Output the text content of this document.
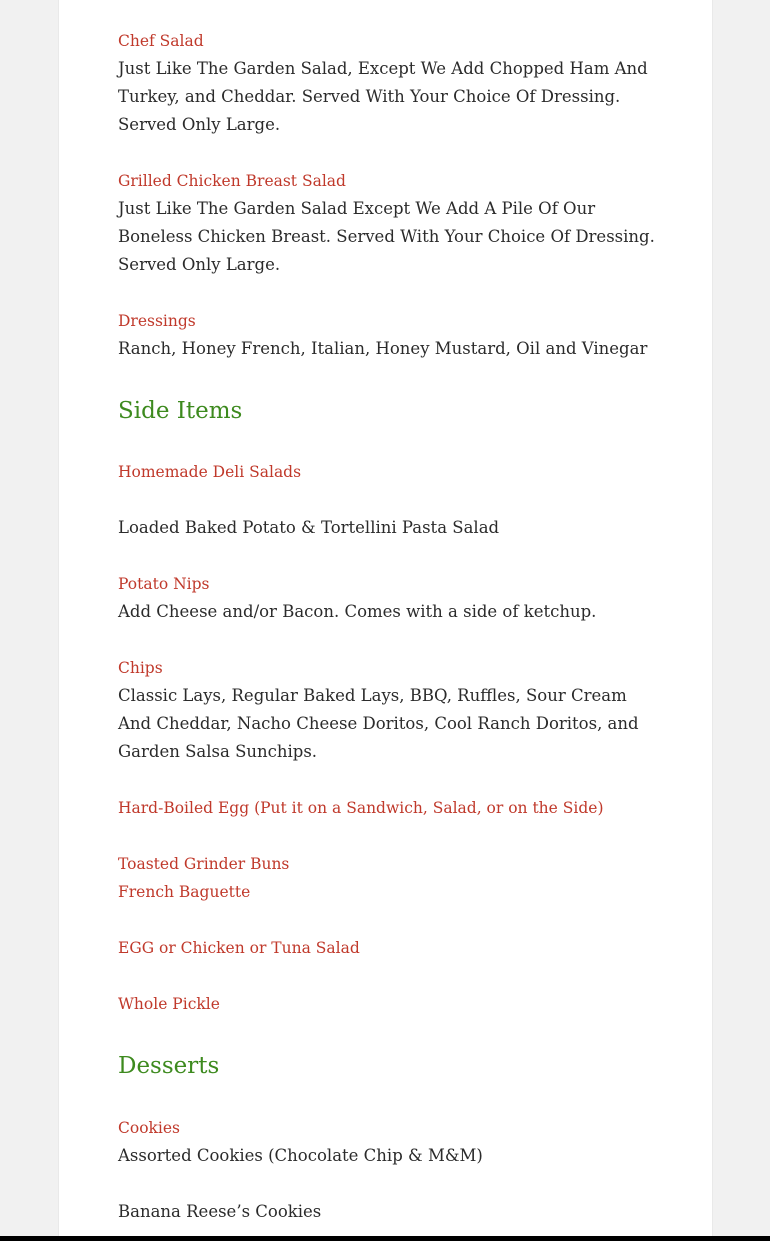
Chef Salad

Just Like The Garden Salad, Except We Add Chopped Ham And Turkey, and Cheddar. Served With Your Choice Of Dressing. Served Only Large.

Grilled Chicken Breast Salad

Just Like The Garden Salad Except We Add A Pile Of Our Boneless Chicken Breast. Served With Your Choice Of Dressing. Served Only Large.

Dressings

Ranch, Honey French, Italian, Honey Mustard, Oil and Vinegar

Side Items

Homemade Deli Salads

Loaded Baked Potato & Tortellini Pasta Salad

Potato Nips

Add Cheese and/or Bacon. Comes with a side of ketchup.

Chips

Classic Lays, Regular Baked Lays, BBQ, Ruffles, Sour Cream And Cheddar, Nacho Cheese Doritos, Cool Ranch Doritos, and Garden Salsa Sunchips.

Hard-Boiled Egg (Put it on a Sandwich, Salad, or on the Side)

Toasted Grinder Buns

French Baguette

EGG or Chicken or Tuna Salad

Whole Pickle

Desserts

Cookies

Assorted Cookies (Chocolate Chip & M&M)

Banana Reese’s Cookies
